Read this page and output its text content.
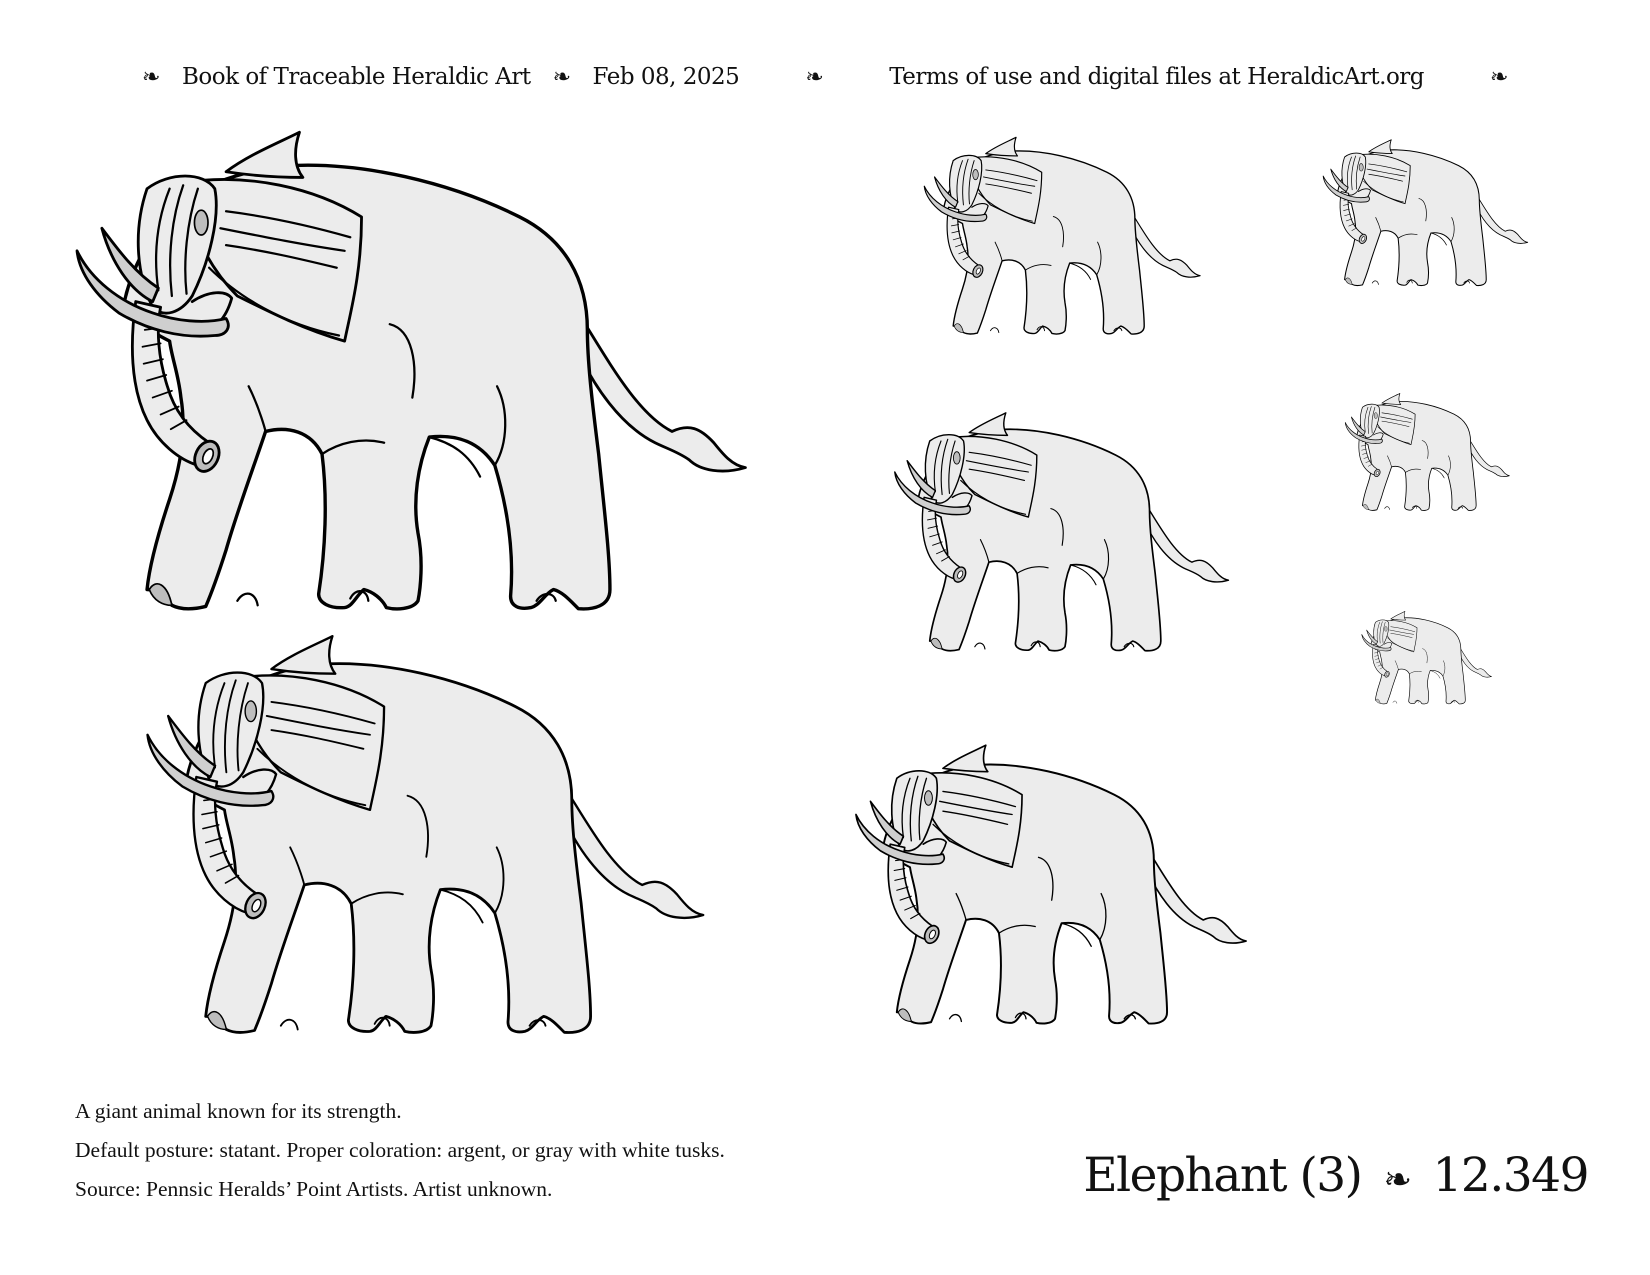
❧ Book of Traceable Heraldic Art ❧ Feb 08, 2025	❧	Terms of use and digital files at HeraldicArt.org	❧
A giant animal known for its strength.
Default posture: statant. Proper coloration: argent, or gray with white tusks.
Source: Pennsic Heralds’ Point Artists. Artist unknown.	Elephant (3) ❧ 12.349
